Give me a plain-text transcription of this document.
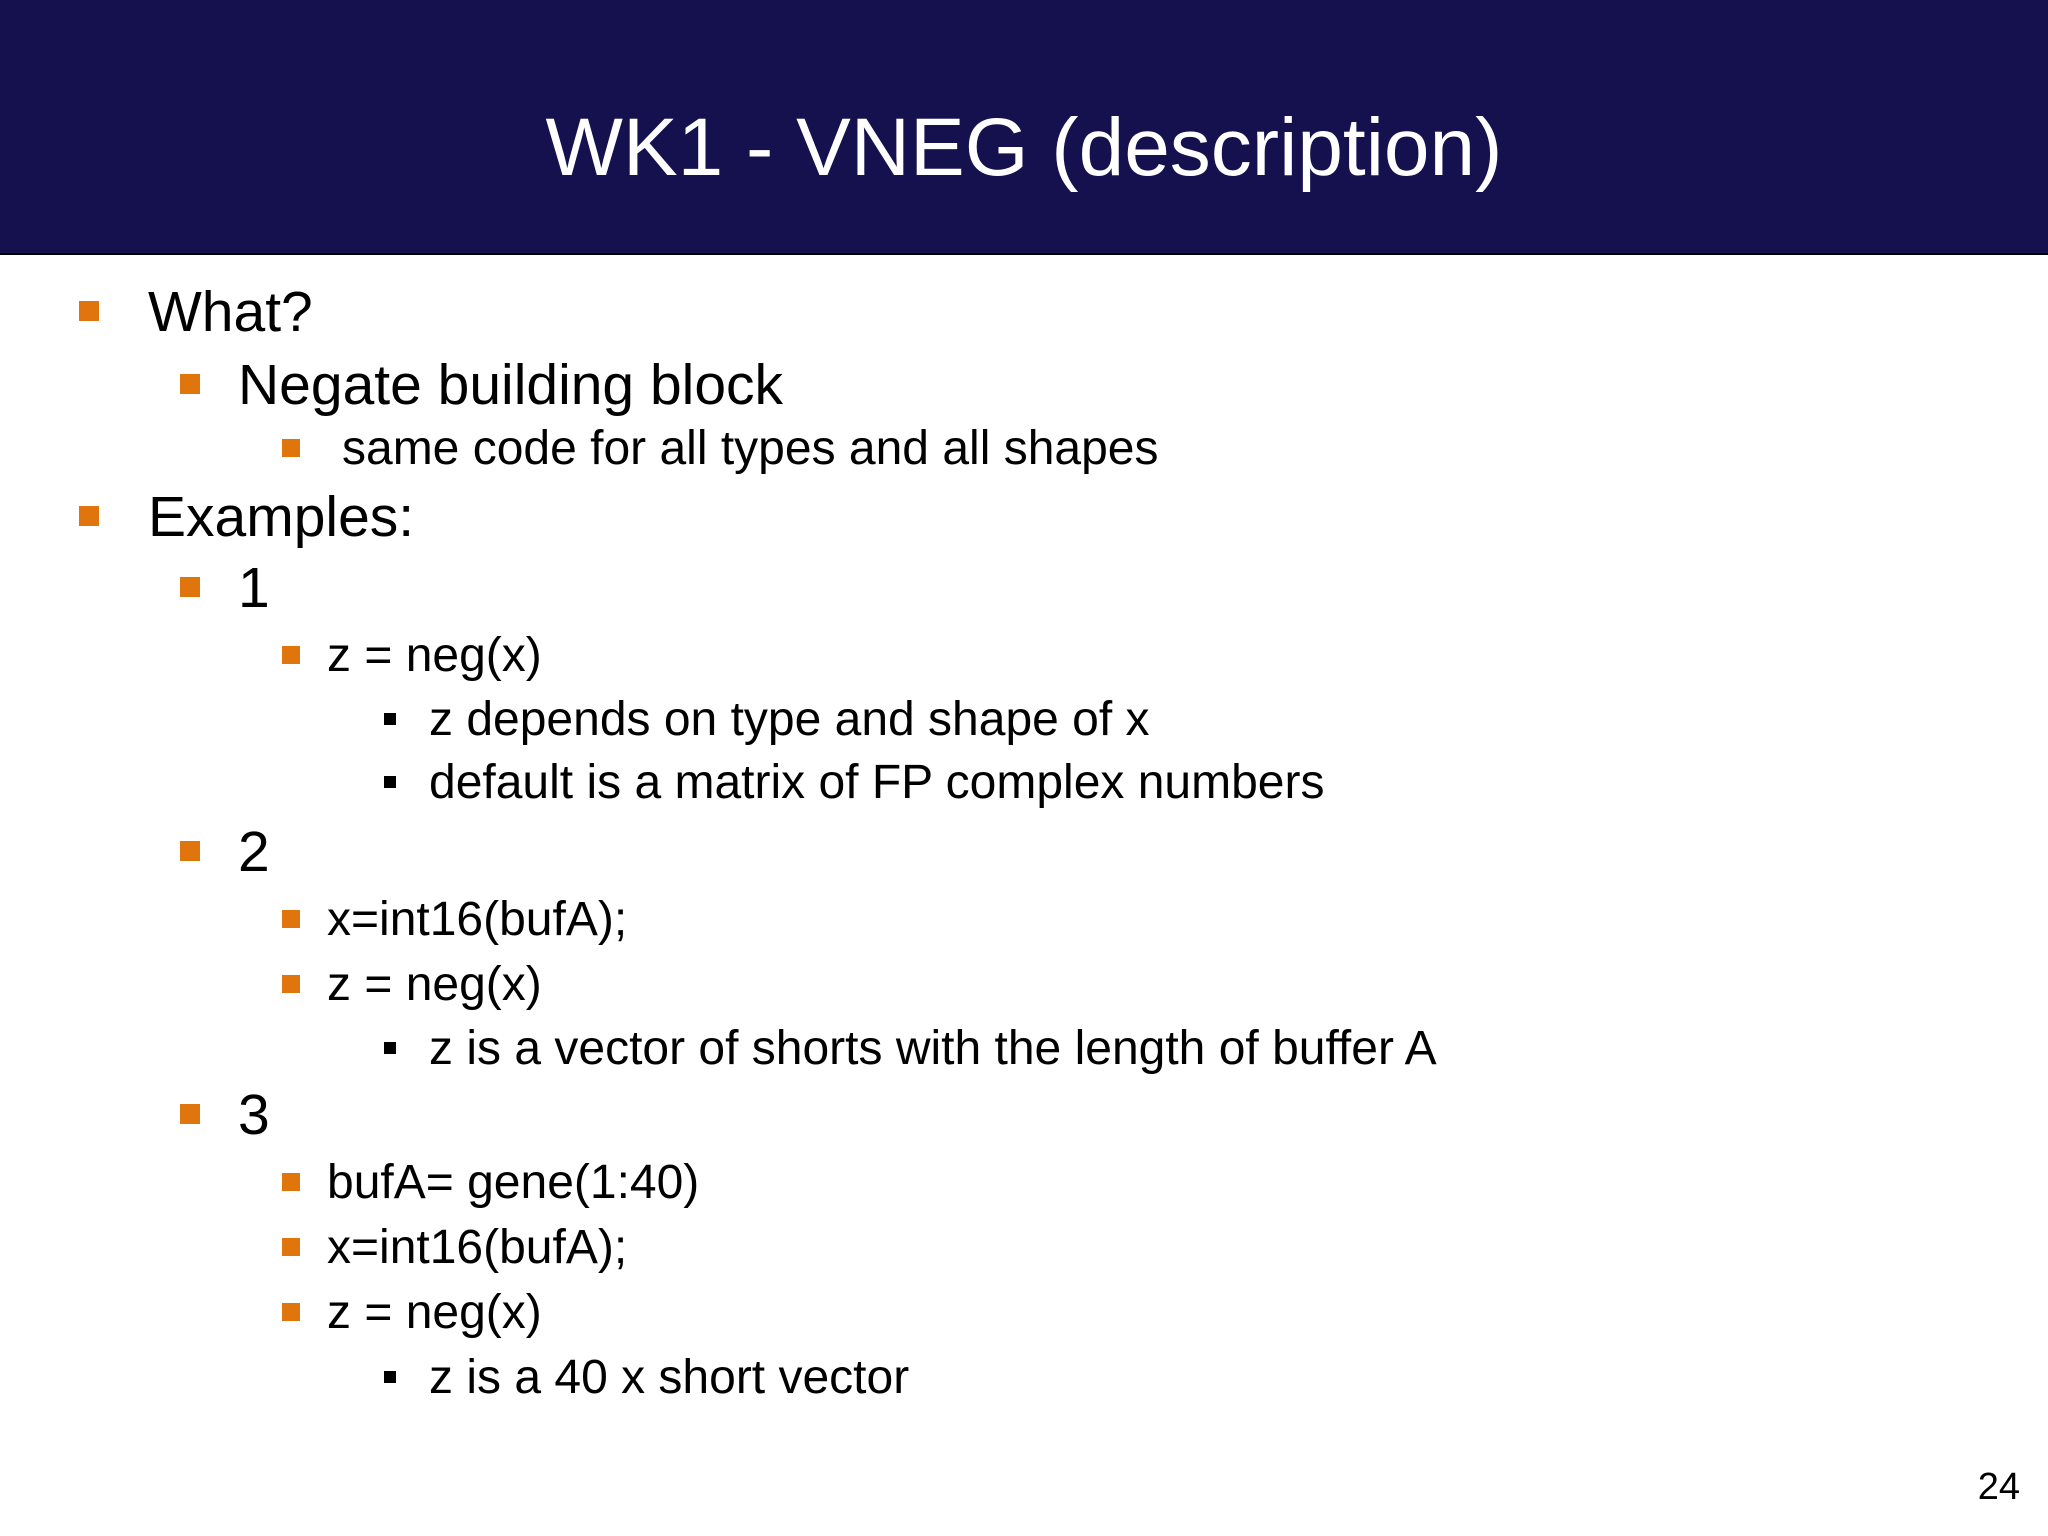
WK1 - VNEG (description)
What?
Negate building block
same code for all types and all shapes
Examples:
1
z = neg(x)
z depends on type and shape of x
default is a matrix of FP complex numbers
2
x=int16(bufA);
z = neg(x)
z is a vector of shorts with the length of buffer A
3
bufA= gene(1:40)
x=int16(bufA);
z = neg(x)
z is a 40 x short vector
24
